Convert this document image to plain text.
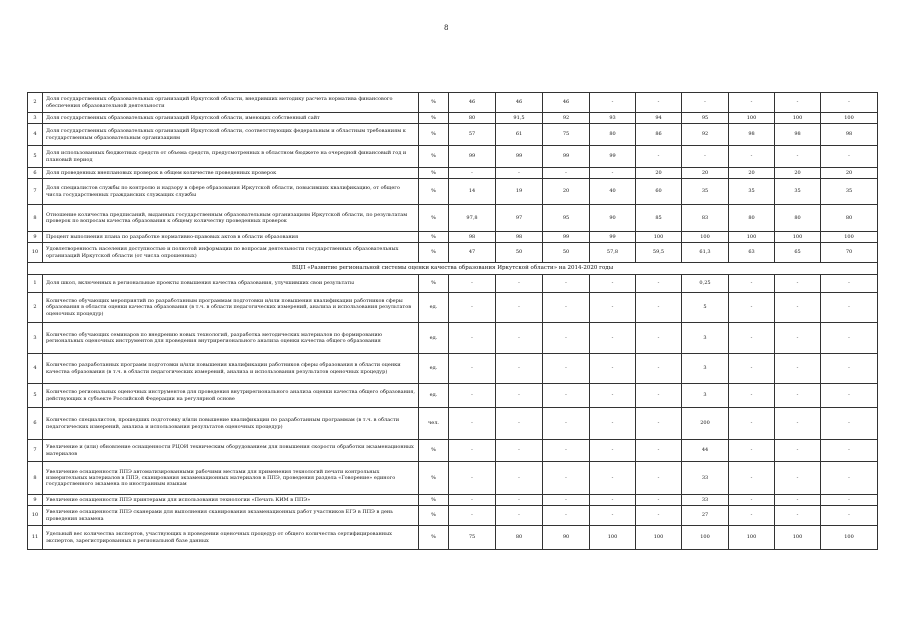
8
2	Доля государственных образовательных организаций Иркутской области, внедривших методику расчета норматива финансового обеспечения образовательной деятельности	%	46	46	46	-	-	-	-	-	-
3	Доля государственных образовательных организаций Иркутской области, имеющих собственный сайт	%	80	91,5	92	93	94	95	100	100	100
4	Доля государственных образовательных организаций Иркутской области, соответствующих федеральным и областным требованиям к государственным образовательным организациям	%	57	61	75	80	86	92	98	98	98
5	Доля использованных бюджетных средств от объема средств, предусмотренных в областном бюджете на очередной финансовый год и плановый период	%	99	99	99	99	-	-	-	-	-
6	Доля проведенных внеплановых проверок в общем количестве проведенных проверок	%	-	-	-	-	20	20	20	20	20
7	Доля специалистов службы по контролю и надзору в сфере образования Иркутской области, повысивших квалификацию, от общего числа государственных гражданских служащих службы	%	14	19	20	40	60	35	35	35	35
8	Отношение количества предписаний, выданных государственным образовательным организациям Иркутской области, по результатам проверок по вопросам качества образования к общему количеству проведенных проверок	%	97,8	97	95	90	85	83	80	80	80
9	Процент выполнения плана по разработке нормативно-правовых актов в области образования	%	98	98	99	99	100	100	100	100	100
10	Удовлетворенность населения доступностью и полнотой информации по вопросам деятельности государственных образовательных организаций Иркутской области (от числа опрошенных)	%	47	50	50	57,8	59,5	61,3	63	65	70
ВЦП «Развитие региональной системы оценки качества образования Иркутской области» на 2014-2020 годы											
1	Доля школ, включенных в региональные проекты повышения качества образования, улучшивших свои результаты	%	-	-	-	-	-	0,25	-	-	-
2	Количество обучающих мероприятий по разработанным программам подготовки и/или повышения квалификации работников сферы образования в области оценки качества образования (в т.ч. в области педагогических измерений, анализа и использования результатов оценочных процедур)	ед.	-	-	-	-	-	5	-	-	-
3	Количество обучающих семинаров по внедрению новых технологий, разработка методических материалов по формированию региональных оценочных инструментов для проведения внутрирегионального анализа оценки качества общего образования	ед.	-	-	-	-	-	3	-	-	-
4	Количество разработанных программ подготовки и/или повышения квалификации работников сферы образования в области оценки качества образования (в т.ч. в области педагогических измерений, анализа и использования результатов оценочных процедур)	ед.	-	-	-	-	-	3	-	-	-
5	Количество региональных оценочных инструментов для проведения внутрирегионального анализа оценки качества общего образования, действующих в субъекте Российской Федерации на регулярной основе	ед.	-	-	-	-	-	3	-	-	-
6	Количество специалистов, прошедших подготовку и/или повышение квалификации по разработанным программам (в т.ч. в области педагогических измерений, анализа и использования результатов оценочных процедур)	чел.	-	-	-	-	-	200	-	-	-
7	Увеличение и (или) обновление оснащенности РЦОИ техническим оборудованием для повышения скорости обработки экзаменационных материалов	%	-	-	-	-	-	44	-	-	-
8	Увеличение оснащенности ППЭ автоматизированными рабочими местами для применения технологий печати контрольных измерительных материалов в ППЭ, сканирования экзаменационных материалов в ППЭ, проведения раздела «Говорение» единого государственного экзамена по иностранным языкам	%	-	-	-	-	-	33	-	-	-
9	Увеличение оснащенности ППЭ принтерами для использования технологии «Печать КИМ в ППЭ»	%	-	-	-	-	-	33	-	-	-
10	Увеличение оснащенности ППЭ сканерами для выполнения сканирования экзаменационных работ участников ЕГЭ в ППЭ в день проведения экзамена	%	-	-	-	-	-	27	-	-	-
11	Удельный вес количества экспертов, участвующих в проведении оценочных процедур от общего количества сертифицированных экспертов, зарегистрированных в региональной базе данных	%	75	80	90	100	100	100	100	100	100
